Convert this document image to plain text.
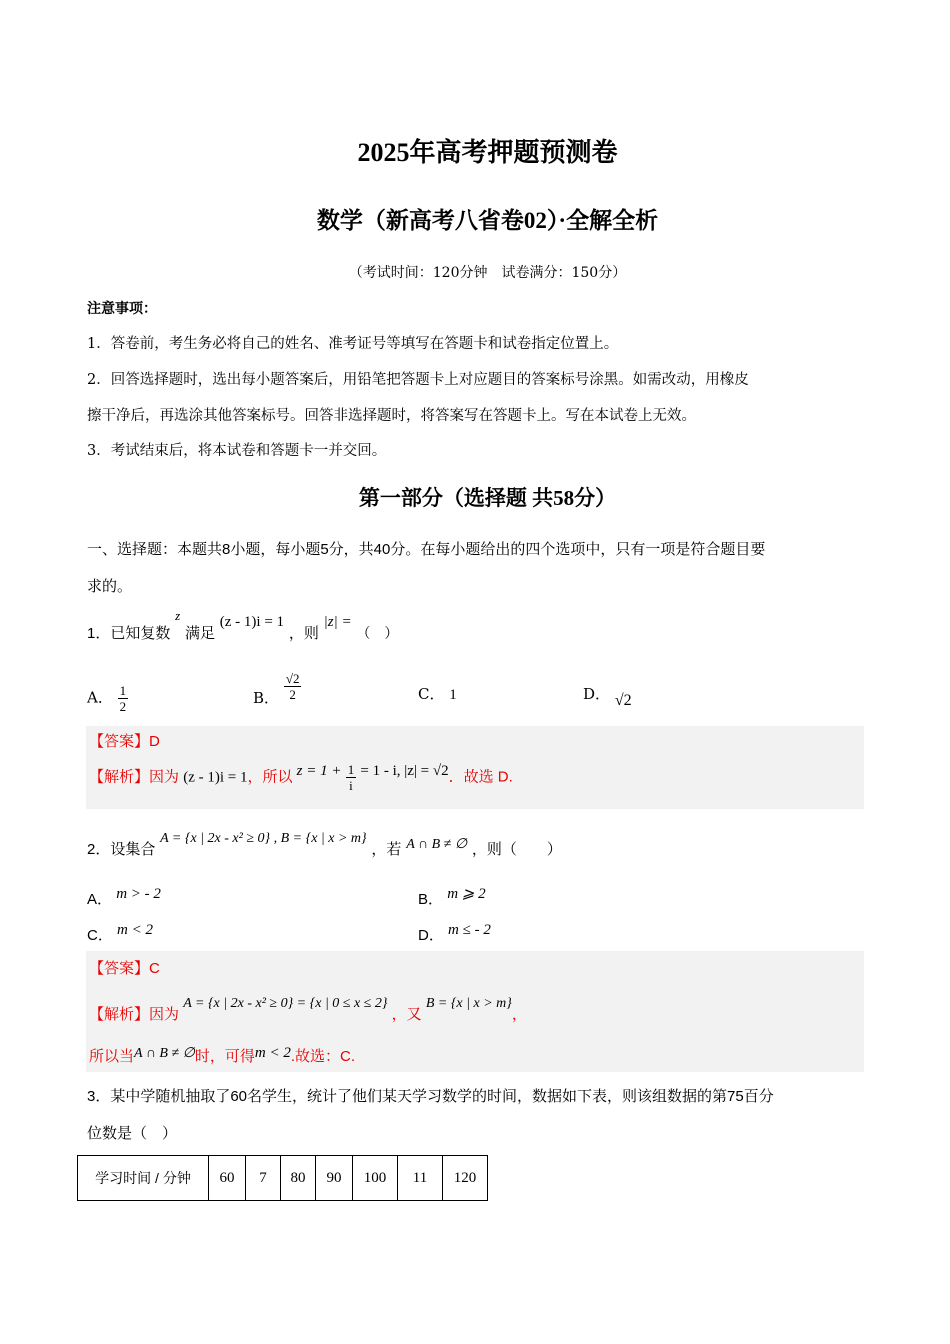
2025年高考押题预测卷
数学（新高考八省卷02）·全解全析
（考试时间：120分钟　试卷满分：150分）
注意事项：
1．答卷前，考生务必将自己的姓名、准考证号等填写在答题卡和试卷指定位置上。
2．回答选择题时，选出每小题答案后，用铅笔把答题卡上对应题目的答案标号涂黑。如需改动，用橡皮
擦干净后，再选涂其他答案标号。回答非选择题时，将答案写在答题卡上。写在本试卷上无效。
3．考试结束后，将本试卷和答题卡一并交回。
第一部分（选择题 共58分）
一、选择题：本题共8小题，每小题5分，共40分。在每小题给出的四个选项中，只有一项是符合题目要
求的。
1．已知复数 z 满足 (z - 1)i = 1 ，则 |z| = （　）
A． $\frac{1}{2}$	B． $\frac{√2}{2}$	C． 1	D． √2
【答案】D
【解析】因为 (z - 1)i = 1，所以 $z = 1 + \frac{1}{i} = 1 - i$, |z| = √2．故选 D.
2．设集合 A = {x | 2x - x² ≥ 0} , B = {x | x > m} ，若 A ∩ B ≠ ∅ ，则（　　）
A． m > - 2	B． m ⩾ 2
C． m < 2	D． m ≤ - 2
【答案】C
【解析】因为 A = {x | 2x - x² ≥ 0} = {x | 0 ≤ x ≤ 2} ，又 B = {x | x > m}，
所以当A ∩ B ≠ ∅时，可得m < 2.故选：C.
3．某中学随机抽取了60名学生，统计了他们某天学习数学的时间，数据如下表，则该组数据的第75百分
位数是（　）
学习时间 / 分钟	60	7	80	90	100	11	120
